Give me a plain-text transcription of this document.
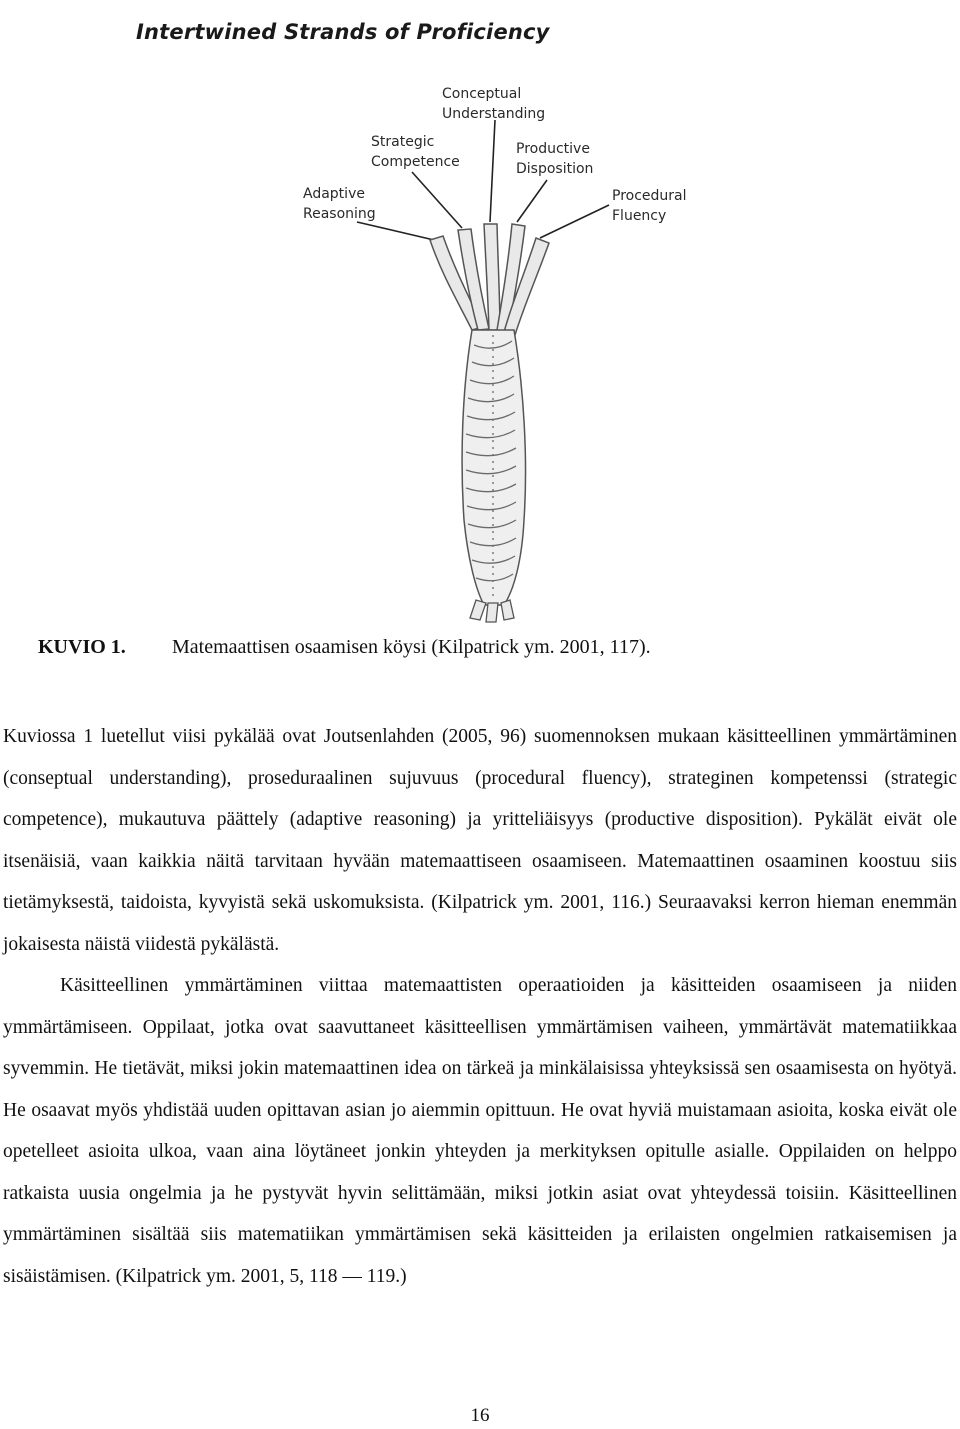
Intertwined Strands of Proficiency
Conceptual
Understanding
Strategic
Competence
Productive
Disposition
Adaptive
Reasoning
Procedural
Fluency
KUVIO 1. Matemaattisen osaamisen köysi (Kilpatrick ym. 2001, 117).

Kuviossa 1 luetellut viisi pykälää ovat Joutsenlahden (2005, 96) suomennoksen mukaan käsitteellinen ymmärtäminen (conseptual understanding), proseduraalinen sujuvuus (procedural fluency), strateginen kompetenssi (strategic competence), mukautuva päättely (adaptive reasoning) ja yritteliäisyys (productive disposition). Pykälät eivät ole itsenäisiä, vaan kaikkia näitä tarvitaan hyvään matemaattiseen osaamiseen. Matemaattinen osaaminen koostuu siis tietämyksestä, taidoista, kyvyistä sekä uskomuksista. (Kilpatrick ym. 2001, 116.) Seuraavaksi kerron hieman enemmän jokaisesta näistä viidestä pykälästä.

Käsitteellinen ymmärtäminen viittaa matemaattisten operaatioiden ja käsitteiden osaamiseen ja niiden ymmärtämiseen. Oppilaat, jotka ovat saavuttaneet käsitteellisen ymmärtämisen vaiheen, ymmärtävät matematiikkaa syvemmin. He tietävät, miksi jokin matemaattinen idea on tärkeä ja minkälaisissa yhteyksissä sen osaamisesta on hyötyä. He osaavat myös yhdistää uuden opittavan asian jo aiemmin opittuun. He ovat hyviä muistamaan asioita, koska eivät ole opetelleet asioita ulkoa, vaan aina löytäneet jonkin yhteyden ja merkityksen opitulle asialle. Oppilaiden on helppo ratkaista uusia ongelmia ja he pystyvät hyvin selittämään, miksi jotkin asiat ovat yhteydessä toisiin. Käsitteellinen ymmärtäminen sisältää siis matematiikan ymmärtämisen sekä käsitteiden ja erilaisten ongelmien ratkaisemisen ja sisäistämisen. (Kilpatrick ym. 2001, 5, 118 — 119.)

16
